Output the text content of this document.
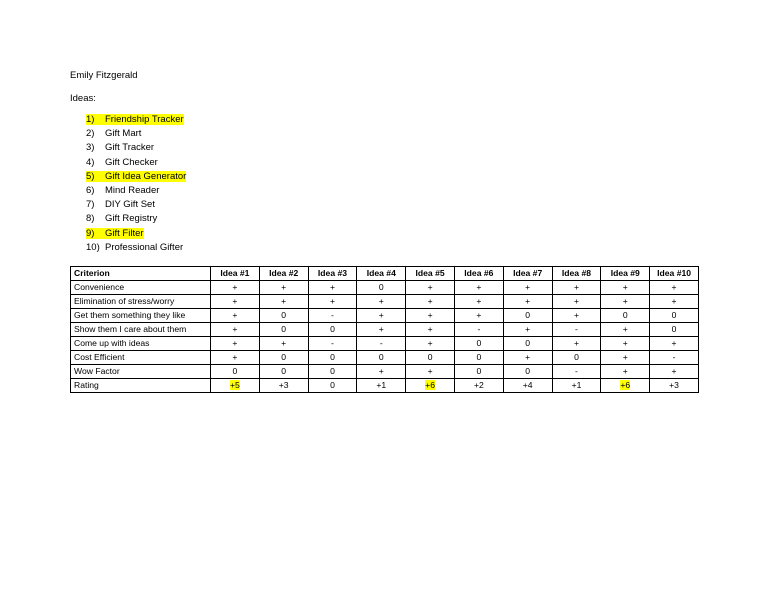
Emily Fitzgerald
Ideas:
1) Friendship Tracker
2) Gift Mart
3) Gift Tracker
4) Gift Checker
5) Gift Idea Generator
6) Mind Reader
7) DIY Gift Set
8) Gift Registry
9) Gift Filter
10) Professional Gifter
Criterion	Idea #1	Idea #2	Idea #3	Idea #4	Idea #5	Idea #6	Idea #7	Idea #8	Idea #9	Idea #10
Convenience	+	+	+	0	+	+	+	+	+	+
Elimination of stress/worry	+	+	+	+	+	+	+	+	+	+
Get them something they like	+	0	-	+	+	+	0	+	0	0
Show them I care about them	+	0	0	+	+	-	+	-	+	0
Come up with ideas	+	+	-	-	+	0	0	+	+	+
Cost Efficient	+	0	0	0	0	0	+	0	+	-
Wow Factor	0	0	0	+	+	0	0	-	+	+
Rating	+5	+3	0	+1	+6	+2	+4	+1	+6	+3
